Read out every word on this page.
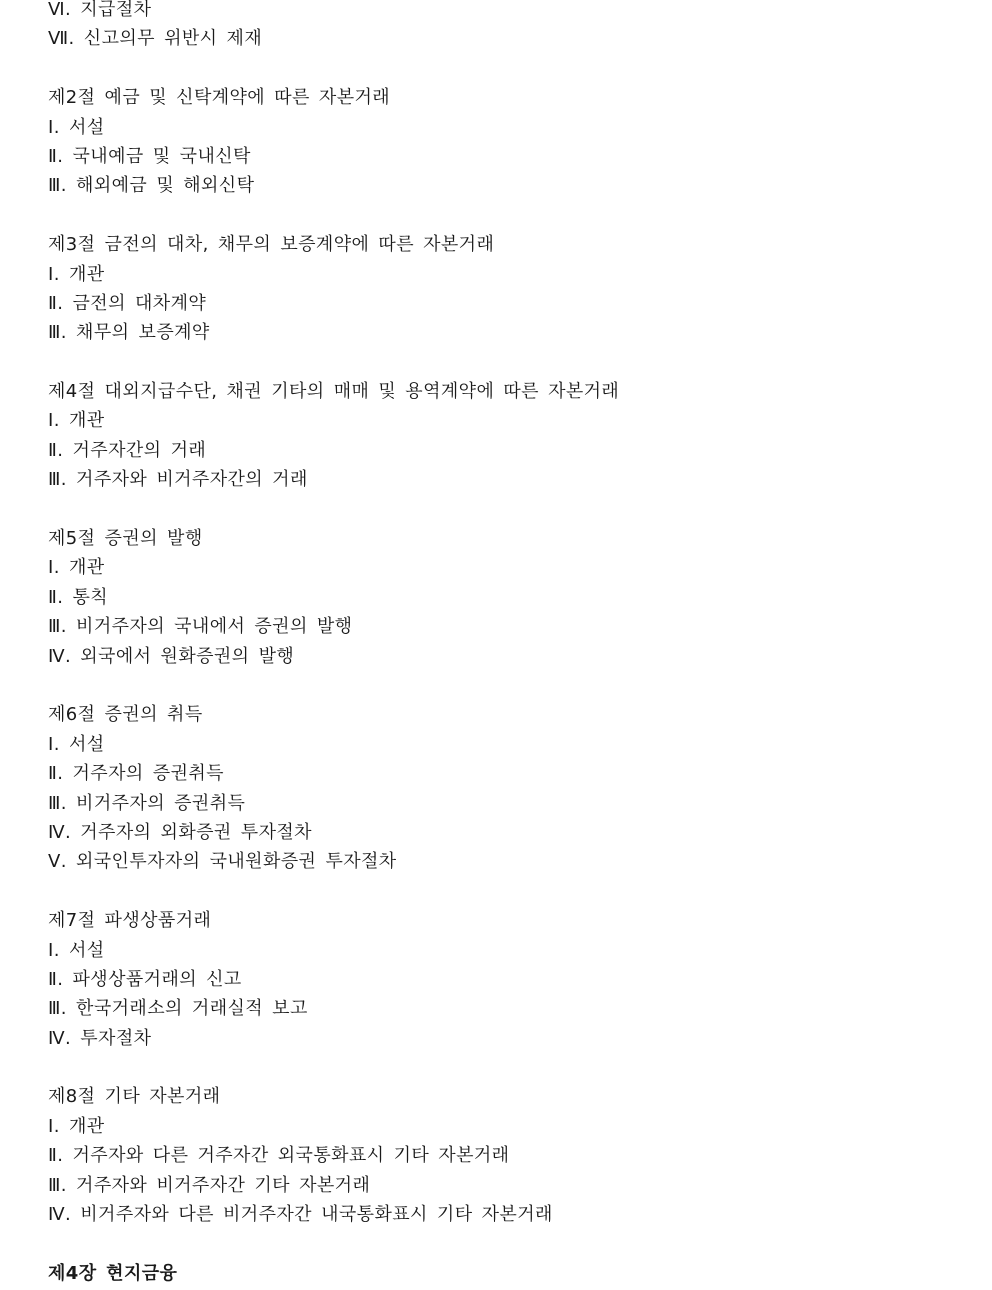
Ⅵ. 지급절차
Ⅶ. 신고의무 위반시 제재
제2절 예금 및 신탁계약에 따른 자본거래
Ⅰ. 서설
Ⅱ. 국내예금 및 국내신탁
Ⅲ. 해외예금 및 해외신탁
제3절 금전의 대차, 채무의 보증계약에 따른 자본거래
Ⅰ. 개관
Ⅱ. 금전의 대차계약
Ⅲ. 채무의 보증계약
제4절 대외지급수단, 채권 기타의 매매 및 용역계약에 따른 자본거래
Ⅰ. 개관
Ⅱ. 거주자간의 거래
Ⅲ. 거주자와 비거주자간의 거래
제5절 증권의 발행
Ⅰ. 개관
Ⅱ. 통칙
Ⅲ. 비거주자의 국내에서 증권의 발행
Ⅳ. 외국에서 원화증권의 발행
제6절 증권의 취득
Ⅰ. 서설
Ⅱ. 거주자의 증권취득
Ⅲ. 비거주자의 증권취득
Ⅳ. 거주자의 외화증권 투자절차
Ⅴ. 외국인투자자의 국내원화증권 투자절차
제7절 파생상품거래
Ⅰ. 서설
Ⅱ. 파생상품거래의 신고
Ⅲ. 한국거래소의 거래실적 보고
Ⅳ. 투자절차
제8절 기타 자본거래
Ⅰ. 개관
Ⅱ. 거주자와 다른 거주자간 외국통화표시 기타 자본거래
Ⅲ. 거주자와 비거주자간 기타 자본거래
Ⅳ. 비거주자와 다른 비거주자간 내국통화표시 기타 자본거래
제4장 현지금융
